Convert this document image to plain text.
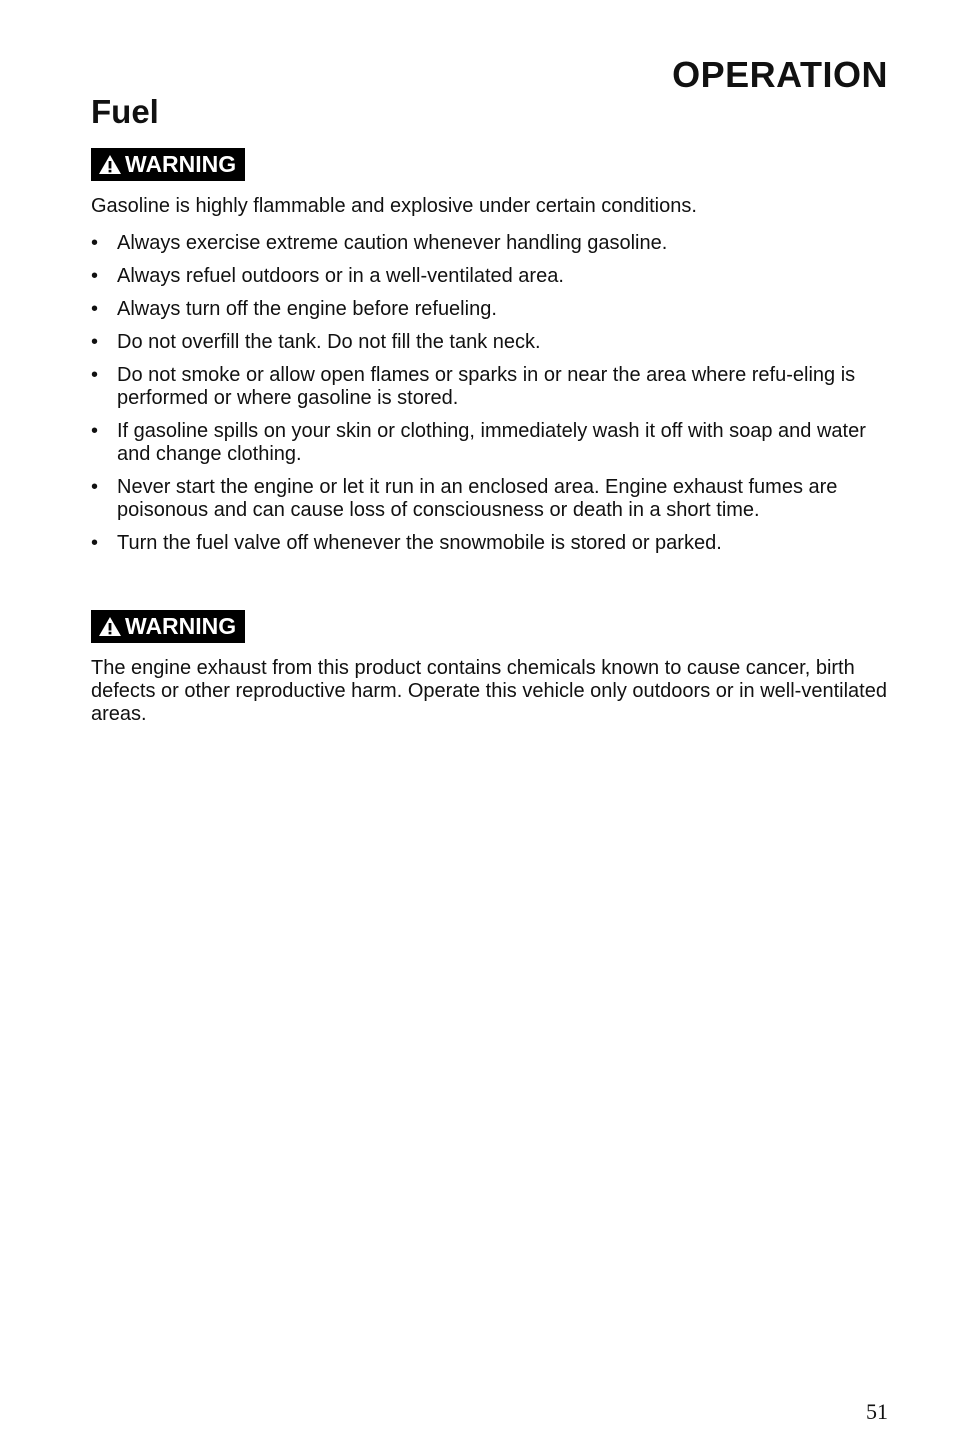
OPERATION
Fuel
WARNING

Gasoline is highly flammable and explosive under certain conditions.

• Always exercise extreme caution whenever handling gasoline.
• Always refuel outdoors or in a well-ventilated area.
• Always turn off the engine before refueling.
• Do not overfill the tank. Do not fill the tank neck.
• Do not smoke or allow open flames or sparks in or near the area where refu-eling is performed or where gasoline is stored.
• If gasoline spills on your skin or clothing, immediately wash it off with soap and water and change clothing.
• Never start the engine or let it run in an enclosed area. Engine exhaust fumes are poisonous and can cause loss of consciousness or death in a short time.
• Turn the fuel valve off whenever the snowmobile is stored or parked.
WARNING

The engine exhaust from this product contains chemicals known to cause cancer, birth defects or other reproductive harm. Operate this vehicle only outdoors or in well-ventilated areas.

51
